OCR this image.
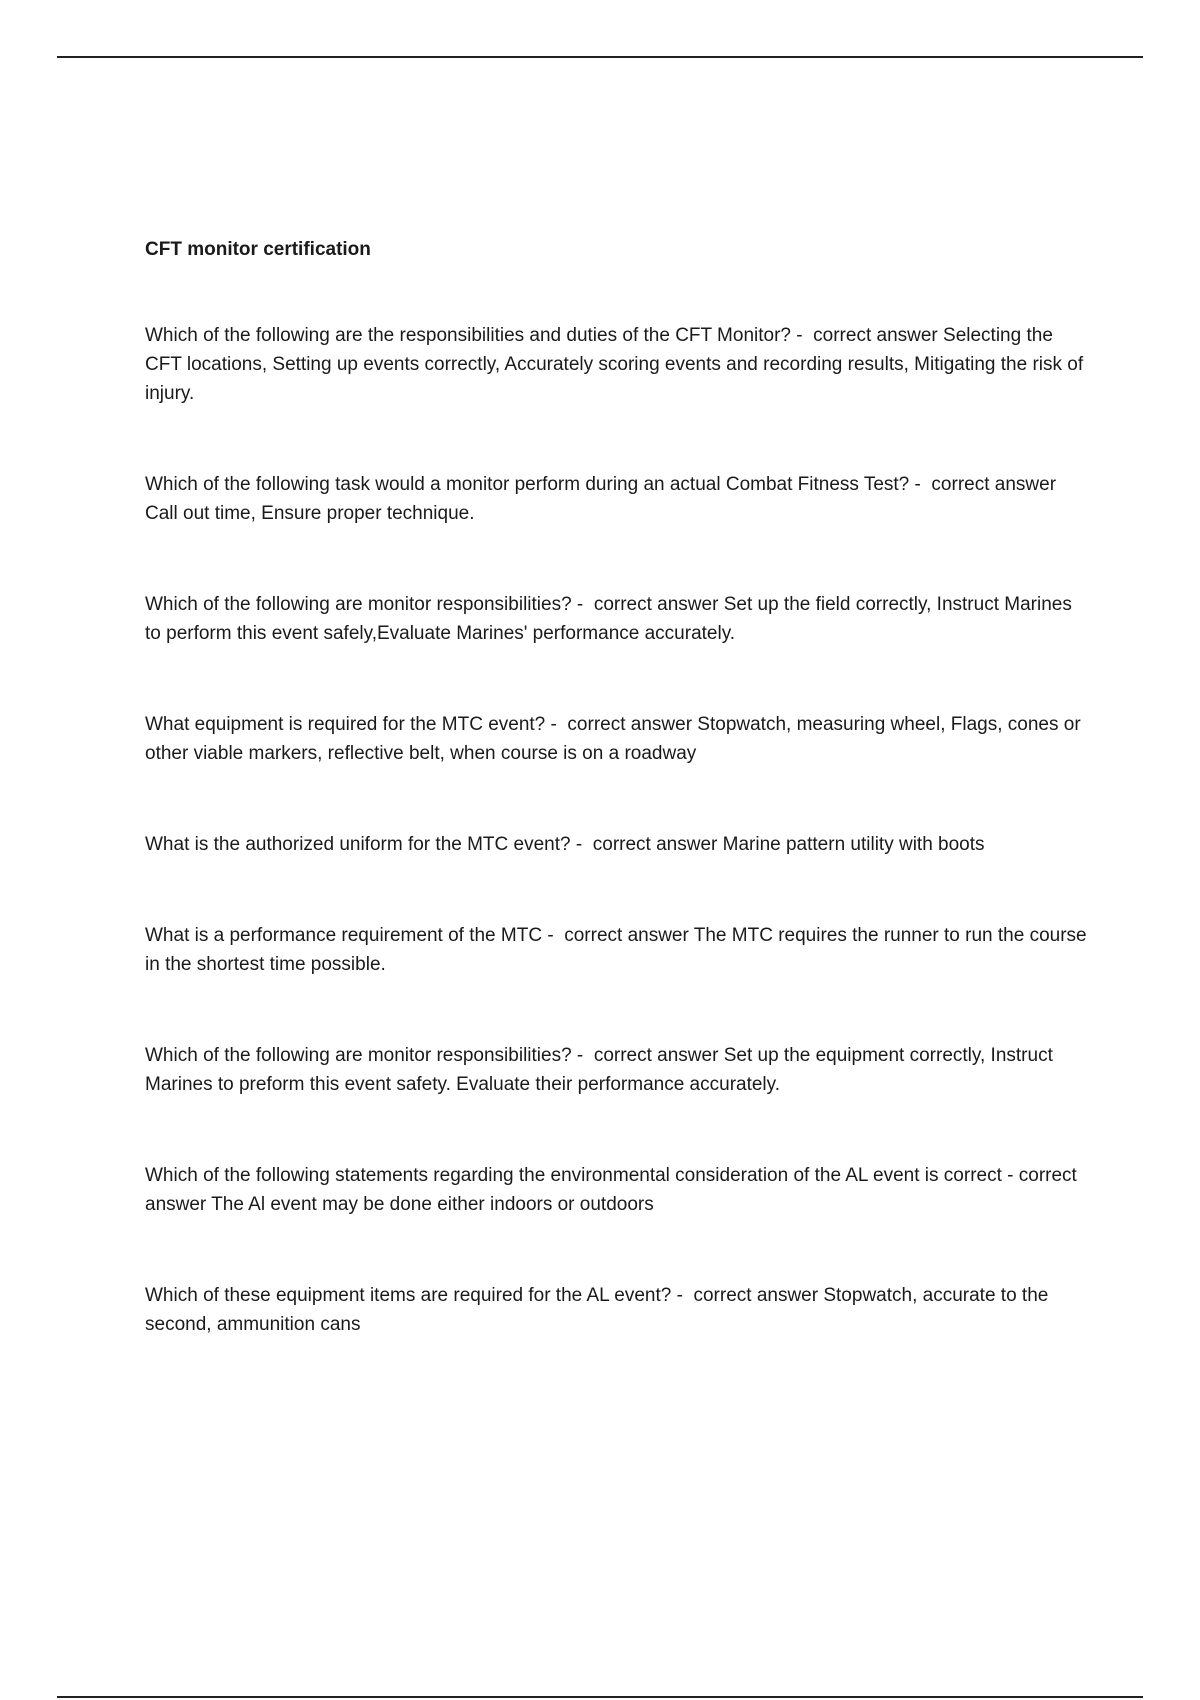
CFT monitor certification
Which of the following are the responsibilities and duties of the CFT Monitor? - correct answer Selecting the CFT locations, Setting up events correctly, Accurately scoring events and recording results, Mitigating the risk of injury.
Which of the following task would a monitor perform during an actual Combat Fitness Test? - correct answer Call out time, Ensure proper technique.
Which of the following are monitor responsibilities? - correct answer Set up the field correctly, Instruct Marines to perform this event safely,Evaluate Marines' performance accurately.
What equipment is required for the MTC event? - correct answer Stopwatch, measuring wheel, Flags, cones or other viable markers, reflective belt, when course is on a roadway
What is the authorized uniform for the MTC event? - correct answer Marine pattern utility with boots
What is a performance requirement of the MTC - correct answer The MTC requires the runner to run the course in the shortest time possible.
Which of the following are monitor responsibilities? - correct answer Set up the equipment correctly, Instruct Marines to preform this event safety. Evaluate their performance accurately.
Which of the following statements regarding the environmental consideration of the AL event is correct - correct answer The Al event may be done either indoors or outdoors
Which of these equipment items are required for the AL event? - correct answer Stopwatch, accurate to the second, ammunition cans
